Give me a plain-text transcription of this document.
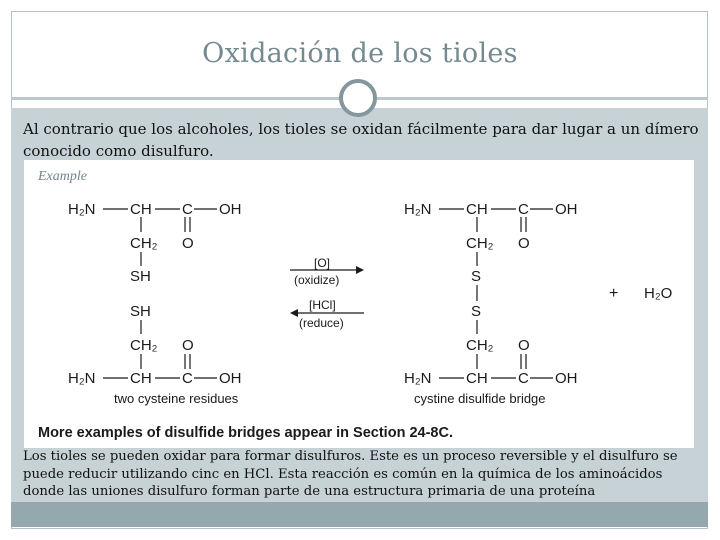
Oxidación de los tioles
Al contrario que los alcoholes, los tioles se oxidan fácilmente para dar lugar a un dímero conocido como disulfuro.
Example
H₂N CH C OH
CH₂ O
SH
SH
CH₂ O
H₂N CH C OH
two cysteine residues
[O]
(oxidize)
[HCl]
(reduce)
H₂N CH C OH
CH₂ O
S
S
CH₂ O
H₂N CH C OH
cystine disulfide bridge
+ H₂O
More examples of disulfide bridges appear in Section 24-8C.
Los tioles se pueden oxidar para formar disulfuros. Este es un proceso reversible y el disulfuro se puede reducir utilizando cinc en HCl. Esta reacción es común en la química de los aminoácidos donde las uniones disulfuro forman parte de una estructura primaria de una proteína
